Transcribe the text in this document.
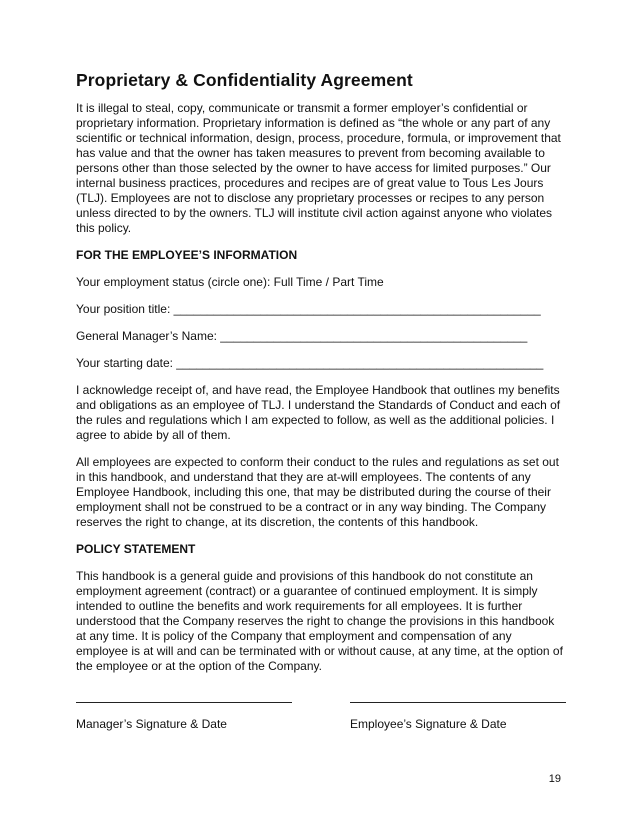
Proprietary & Confidentiality Agreement

It is illegal to steal, copy, communicate or transmit a former employer’s confidential or proprietary information. Proprietary information is defined as “the whole or any part of any scientific or technical information, design, process, procedure, formula, or improvement that has value and that the owner has taken measures to prevent from becoming available to persons other than those selected by the owner to have access for limited purposes.” Our internal business practices, procedures and recipes are of great value to Tous Les Jours (TLJ). Employees are not to disclose any proprietary processes or recipes to any person unless directed to by the owners. TLJ will institute civil action against anyone who violates this policy.

FOR THE EMPLOYEE’S INFORMATION

Your employment status (circle one): Full Time / Part Time

Your position title: _______________________________________________________

General Manager’s Name: ______________________________________________

Your starting date: _______________________________________________________

I acknowledge receipt of, and have read, the Employee Handbook that outlines my benefits and obligations as an employee of TLJ. I understand the Standards of Conduct and each of the rules and regulations which I am expected to follow, as well as the additional policies. I agree to abide by all of them.

All employees are expected to conform their conduct to the rules and regulations as set out in this handbook, and understand that they are at-will employees. The contents of any Employee Handbook, including this one, that may be distributed during the course of their employment shall not be construed to be a contract or in any way binding. The Company reserves the right to change, at its discretion, the contents of this handbook.

POLICY STATEMENT

This handbook is a general guide and provisions of this handbook do not constitute an employment agreement (contract) or a guarantee of continued employment. It is simply intended to outline the benefits and work requirements for all employees. It is further understood that the Company reserves the right to change the provisions in this handbook at any time. It is policy of the Company that employment and compensation of any employee is at will and can be terminated with or without cause, at any time, at the option of the employee or at the option of the Company.

Manager’s Signature & Date	Employee’s Signature & Date
19
